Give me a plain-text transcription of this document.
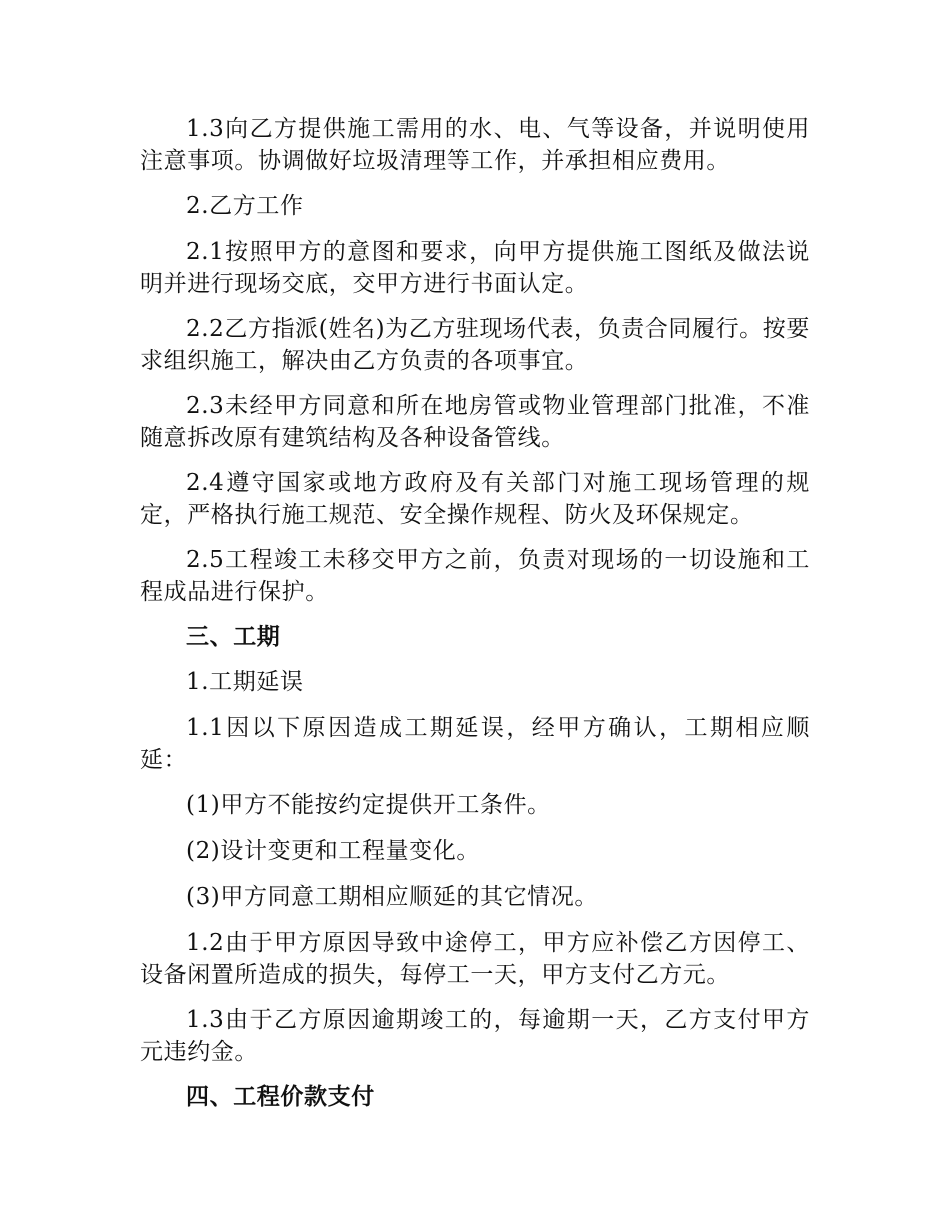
1.3向乙方提供施工需用的水、电、气等设备，并说明使用注意事项。协调做好垃圾清理等工作，并承担相应费用。

2.乙方工作

2.1按照甲方的意图和要求，向甲方提供施工图纸及做法说明并进行现场交底，交甲方进行书面认定。

2.2乙方指派(姓名)为乙方驻现场代表，负责合同履行。按要求组织施工，解决由乙方负责的各项事宜。

2.3未经甲方同意和所在地房管或物业管理部门批准，不准随意拆改原有建筑结构及各种设备管线。

2.4遵守国家或地方政府及有关部门对施工现场管理的规定，严格执行施工规范、安全操作规程、防火及环保规定。

2.5工程竣工未移交甲方之前，负责对现场的一切设施和工程成品进行保护。

三、工期

1.工期延误

1.1因以下原因造成工期延误，经甲方确认，工期相应顺延：

(1)甲方不能按约定提供开工条件。

(2)设计变更和工程量变化。

(3)甲方同意工期相应顺延的其它情况。

1.2由于甲方原因导致中途停工，甲方应补偿乙方因停工、设备闲置所造成的损失，每停工一天，甲方支付乙方元。

1.3由于乙方原因逾期竣工的，每逾期一天，乙方支付甲方元违约金。

四、工程价款支付
